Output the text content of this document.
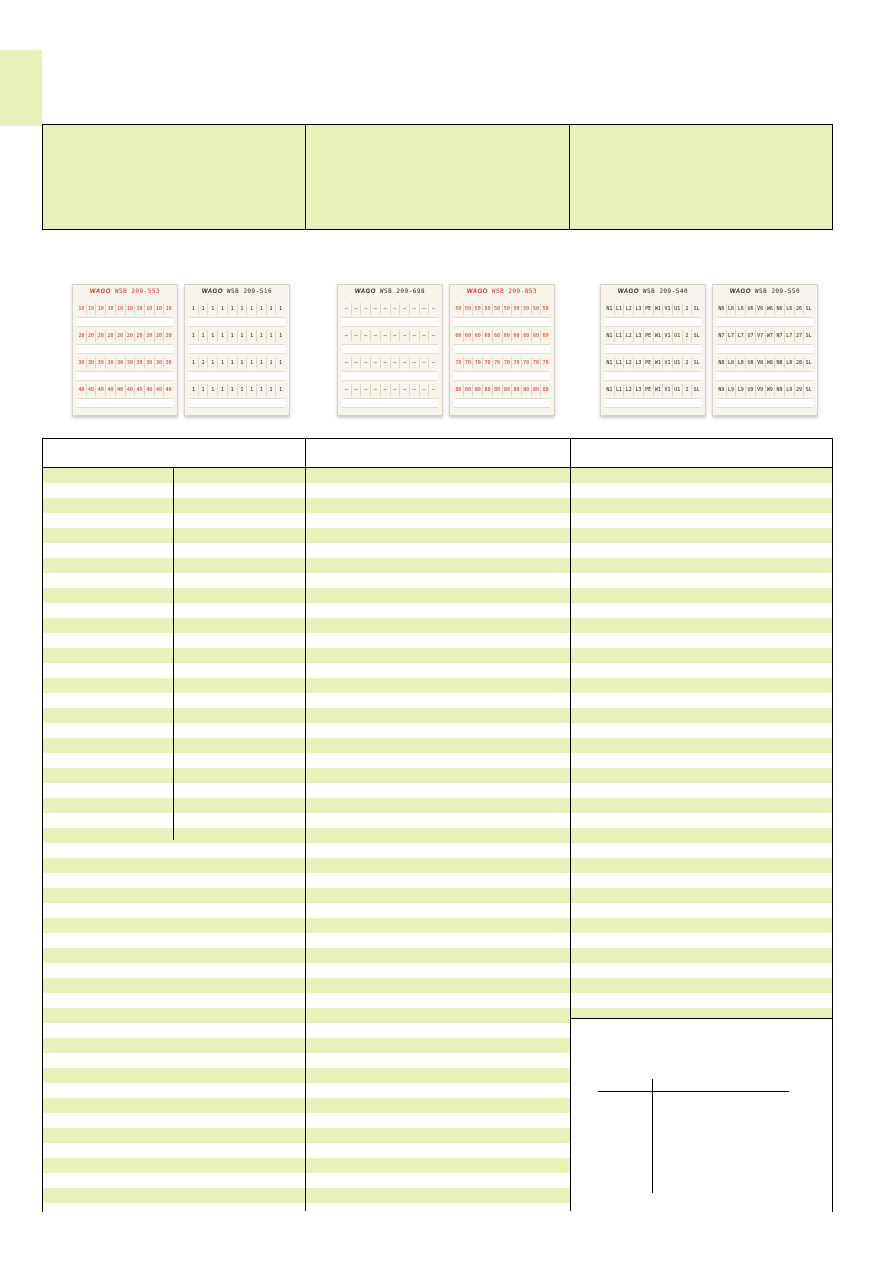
WAGO WSB 209-553
10 10 10 10 10 10 10 10 10 10
20 20 20 20 20 20 20 20 20 20
30 30 30 30 30 30 30 30 30 30
40 40 40 40 40 40 40 40 40 40
WAGO WSB 209-516
1	1	1	1	1	1	1	1	1	1
1	1	1	1	1	1	1	1	1	1
1	1	1	1	1	1	1	1	1	1
1	1	1	1	1	1	1	1	1	1
WAGO WSB 209-698
–	–	–	–	–	–	–	–	–	–
–	–	–	–	–	–	–	–	–	–
–	–	–	–	–	–	–	–	–	–
–	–	–	–	–	–	–	–	–	–
WAGO WSB 209-853
50 50 50 50 50 50 50 50 50 50
60 60 60 60 60 60 60 60 60 60
70 70 70 70 70 70 70 70 70 70
80 80 80 80 80 80 80 80 80 80
WAGO WSB 209-540
N1 L1 L2 L3 PE W1 V1 U1	2	SL
N1 L1 L2 L3 PE W1 V1 U1	2	SL
N1 L1 L2 L3 PE W1 V1 U1	2	SL
N1 L1 L2 L3 PE W1 V1 U1	2	SL
WAGO WSB 209-550
N6 L6 L6 U6 V6 W6 N6 L6 26 SL
N7 L7 L7 U7 V7 W7 N7 L7 27 SL
N8 L8 L8 U8 V8 W8 N8 L8 28 SL
N9 L9 L9 U9 V9 W9 N9 L9 29 SL
